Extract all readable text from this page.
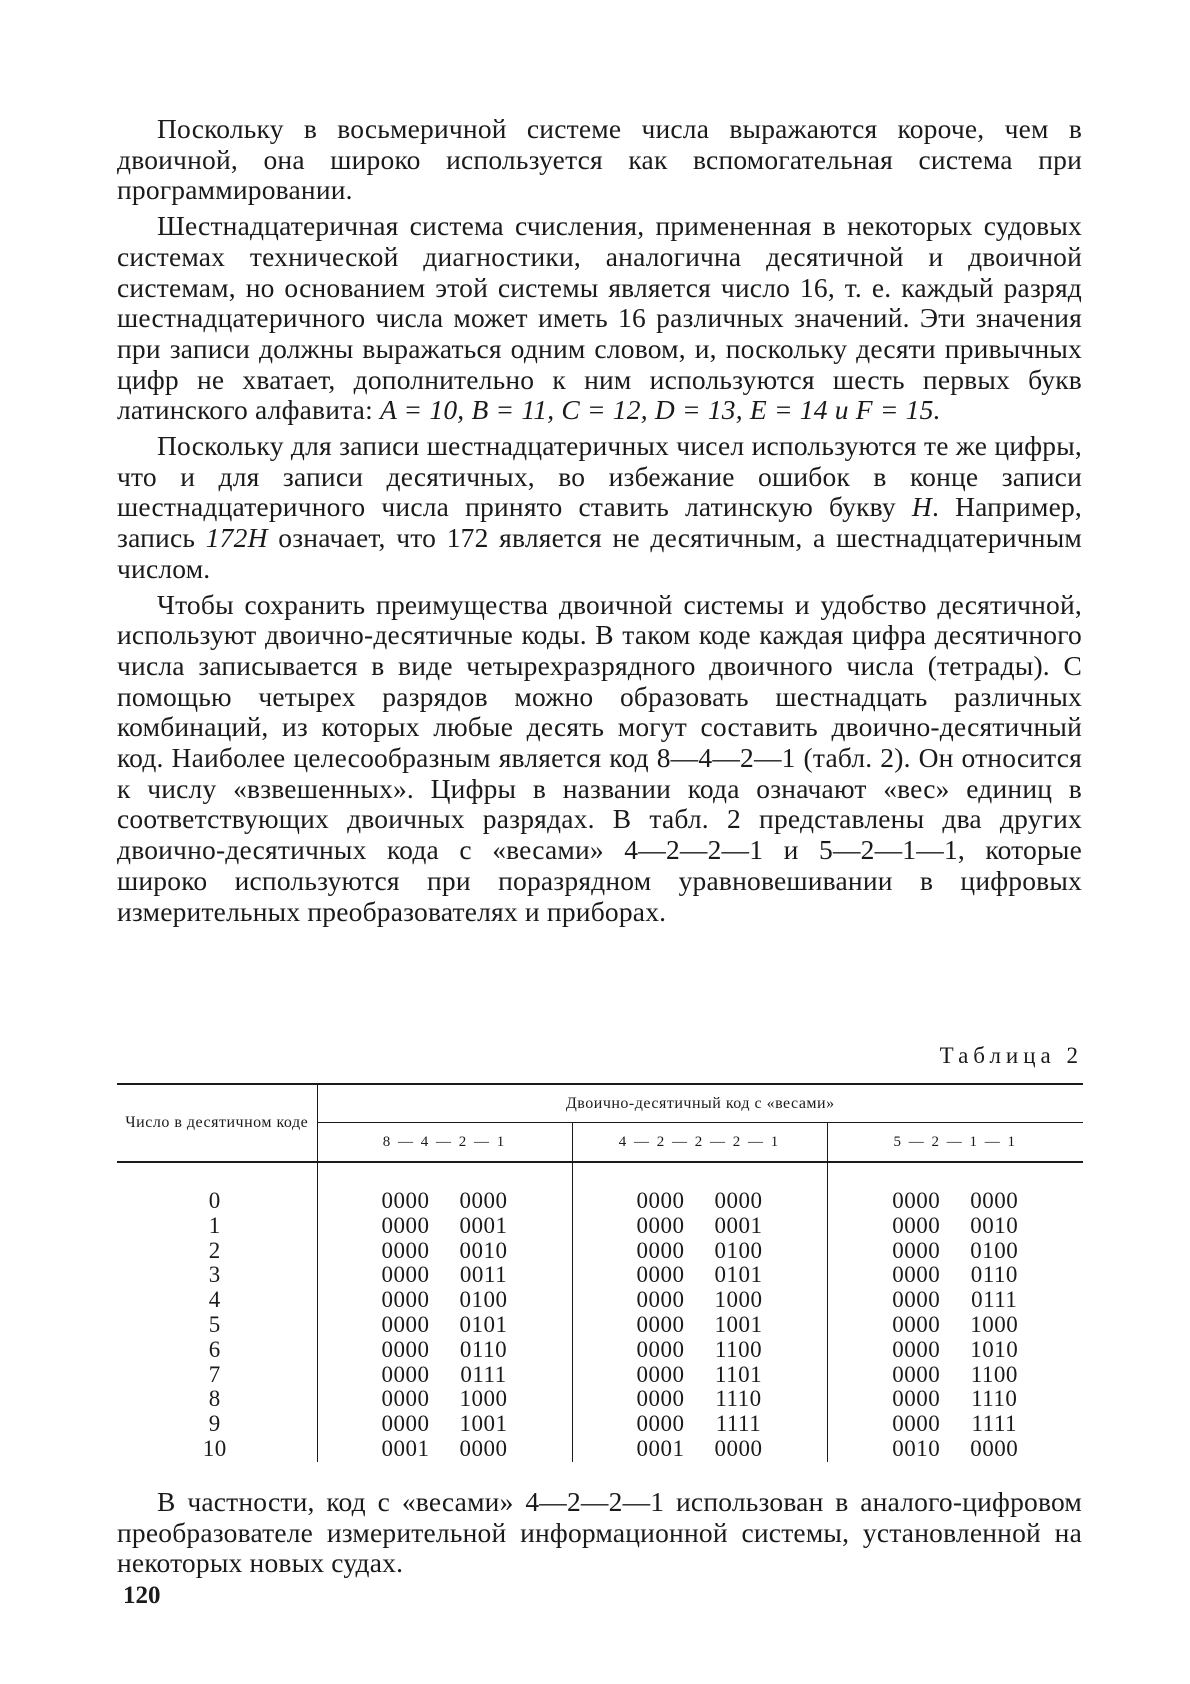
Поскольку в восьмеричной системе числа выражаются короче, чем в двоичной, она широко используется как вспомогательная система при программировании.

Шестнадцатеричная система счисления, примененная в некоторых судовых системах технической диагностики, аналогична десятичной и двоичной системам, но основанием этой системы является число 16, т. е. каждый разряд шестнадцатеричного числа может иметь 16 различных значений. Эти значения при записи должны выражаться одним словом, и, поскольку десяти привычных цифр не хватает, дополнительно к ним используются шесть первых букв латинского алфавита: A = 10, B = 11, C = 12, D = 13, E = 14 и F = 15.

Поскольку для записи шестнадцатеричных чисел используются те же цифры, что и для записи десятичных, во избежание ошибок в конце записи шестнадцатеричного числа принято ставить латинскую букву H. Например, запись 172H означает, что 172 является не десятичным, а шестнадцатеричным числом.

Чтобы сохранить преимущества двоичной системы и удобство десятичной, используют двоично-десятичные коды. В таком коде каждая цифра десятичного числа записывается в виде четырехразрядного двоичного числа (тетрады). С помощью четырех разрядов можно образовать шестнадцать различных комбинаций, из которых любые десять могут составить двоично-десятичный код. Наиболее целесообразным является код 8—4—2—1 (табл. 2). Он относится к числу «взвешенных». Цифры в названии кода означают «вес» единиц в соответствующих двоичных разрядах. В табл. 2 представлены два других двоично-десятичных кода с «весами» 4—2—2—1 и 5—2—1—1, которые широко используются при поразрядном уравновешивании в цифровых измерительных преобразователях и приборах.

Таблица 2
Число в десятичном коде	Двоично-десятичный код с «весами»		
	8 — 4 — 2 — 1	4 — 2 — 2 — 2 — 1	5 — 2 — 1 — 1

0	0000 0000	0000 0000	0000 0000
1	0000 0001	0000 0001	0000 0010
2	0000 0010	0000 0100	0000 0100
3	0000 0011	0000 0101	0000 0110
4	0000 0100	0000 1000	0000 0111
5	0000 0101	0000 1001	0000 1000
6	0000 0110	0000 1100	0000 1010
7	0000 0111	0000 1101	0000 1100
8	0000 1000	0000 1110	0000 1110
9	0000 1001	0000 1111	0000 1111
10	0001 0000	0001 0000	0010 0000

В частности, код с «весами» 4—2—2—1 использован в аналого-цифровом преобразователе измерительной информационной системы, установленной на некоторых новых судах.

120
